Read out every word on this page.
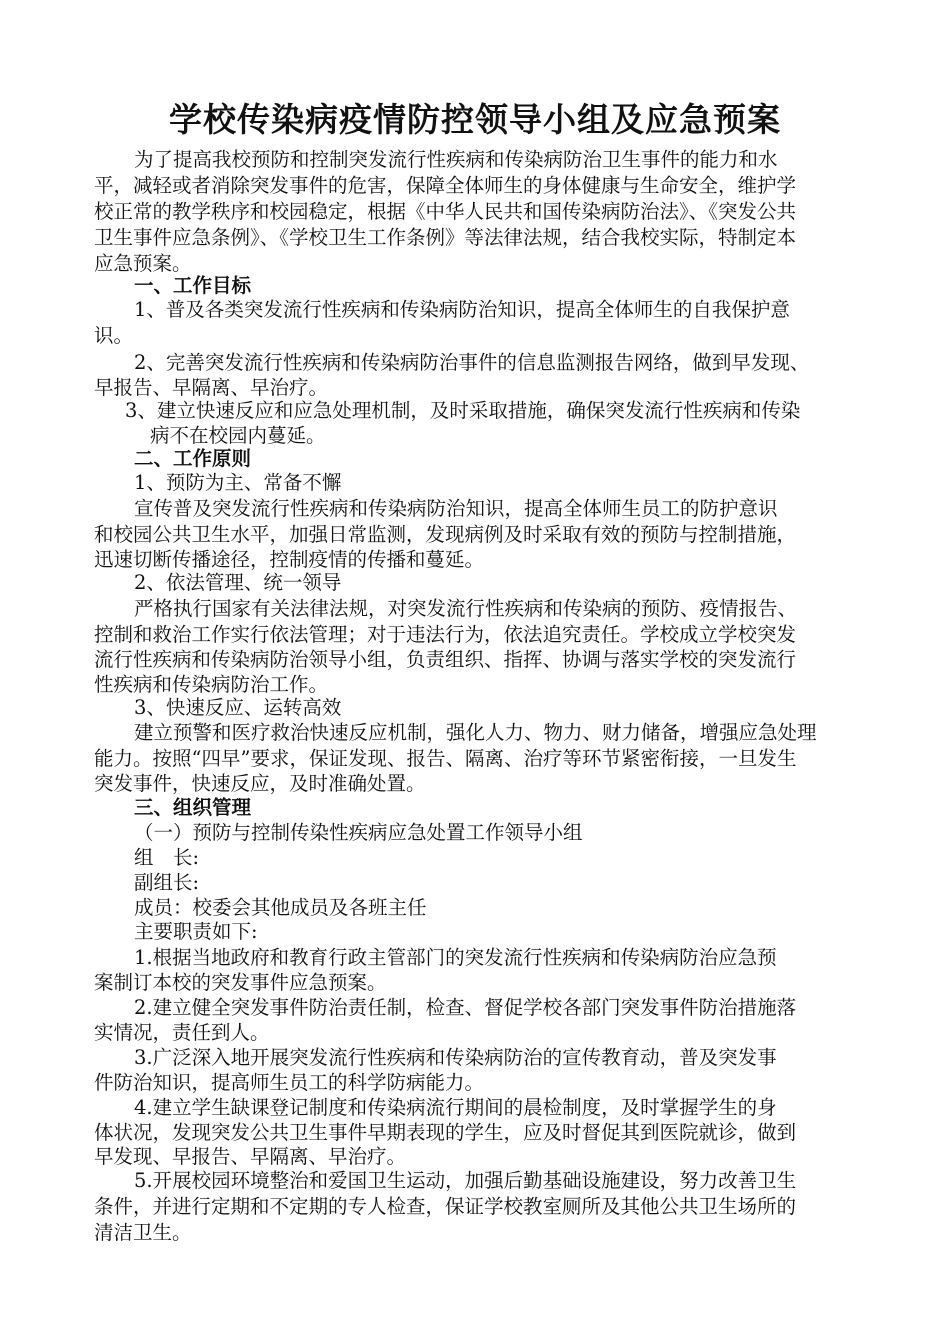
学校传染病疫情防控领导小组及应急预案
为了提高我校预防和控制突发流行性疾病和传染病防治卫生事件的能力和水
平，减轻或者消除突发事件的危害，保障全体师生的身体健康与生命安全，维护学
校正常的教学秩序和校园稳定，根据《中华人民共和国传染病防治法》、《突发公共
卫生事件应急条例》、《学校卫生工作条例》等法律法规，结合我校实际，特制定本
应急预案。
一、工作目标
1、普及各类突发流行性疾病和传染病防治知识，提高全体师生的自我保护意
识。
2、完善突发流行性疾病和传染病防治事件的信息监测报告网络，做到早发现、
早报告、早隔离、早治疗。
3、建立快速反应和应急处理机制，及时采取措施，确保突发流行性疾病和传染
病不在校园内蔓延。
二、工作原则
1、预防为主、常备不懈
宣传普及突发流行性疾病和传染病防治知识，提高全体师生员工的防护意识
和校园公共卫生水平，加强日常监测，发现病例及时采取有效的预防与控制措施，
迅速切断传播途径，控制疫情的传播和蔓延。
2、依法管理、统一领导
严格执行国家有关法律法规，对突发流行性疾病和传染病的预防、疫情报告、
控制和救治工作实行依法管理；对于违法行为，依法追究责任。学校成立学校突发
流行性疾病和传染病防治领导小组，负责组织、指挥、协调与落实学校的突发流行
性疾病和传染病防治工作。
3、快速反应、运转高效
建立预警和医疗救治快速反应机制，强化人力、物力、财力储备，增强应急处理
能力。按照“四早”要求，保证发现、报告、隔离、治疗等环节紧密衔接，一旦发生
突发事件，快速反应，及时准确处置。
三、组织管理
（一）预防与控制传染性疾病应急处置工作领导小组
组　长:
副组长:
成员：校委会其他成员及各班主任
主要职责如下:
1.根据当地政府和教育行政主管部门的突发流行性疾病和传染病防治应急预
案制订本校的突发事件应急预案。
2.建立健全突发事件防治责任制，检查、督促学校各部门突发事件防治措施落
实情况，责任到人。
3.广泛深入地开展突发流行性疾病和传染病防治的宣传教育动，普及突发事
件防治知识，提高师生员工的科学防病能力。
4.建立学生缺课登记制度和传染病流行期间的晨检制度，及时掌握学生的身
体状况，发现突发公共卫生事件早期表现的学生，应及时督促其到医院就诊，做到
早发现、早报告、早隔离、早治疗。
5.开展校园环境整治和爱国卫生运动，加强后勤基础设施建设，努力改善卫生
条件，并进行定期和不定期的专人检查，保证学校教室厕所及其他公共卫生场所的
清洁卫生。
